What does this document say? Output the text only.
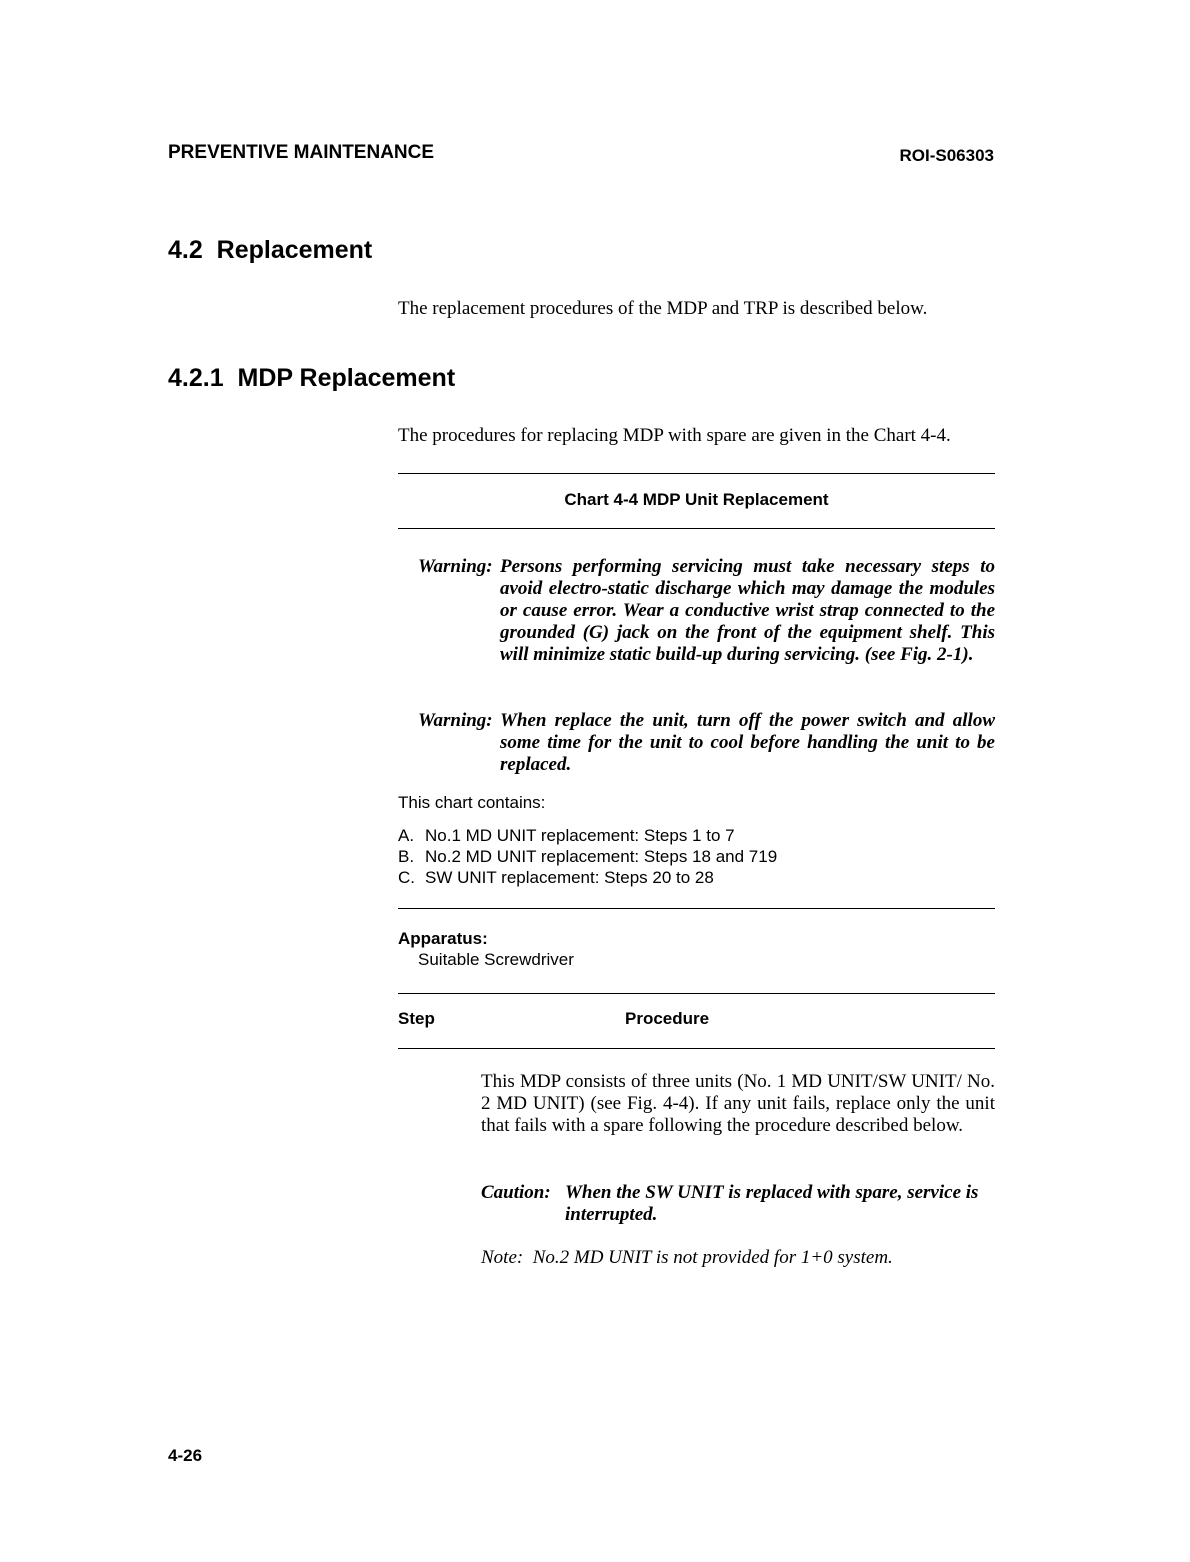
PREVENTIVE MAINTENANCE	ROI-S06303
4.2  Replacement
The replacement procedures of the MDP and TRP is described below.
4.2.1  MDP Replacement
The procedures for replacing MDP with spare are given in the Chart 4-4.
Chart 4-4 MDP Unit Replacement
Warning: Persons performing servicing must take necessary steps to avoid electro-static discharge which may damage the modules or cause error. Wear a conductive wrist strap connected to the grounded (G) jack on the front of the equipment shelf. This will minimize static build-up during servicing. (see Fig. 2-1).
Warning: When replace the unit, turn off the power switch and allow some time for the unit to cool before handling the unit to be replaced.
This chart contains:
A. No.1 MD UNIT replacement: Steps 1 to 7
B. No.2 MD UNIT replacement: Steps 18 and 719
C. SW UNIT replacement: Steps 20 to 28
Apparatus:
Suitable Screwdriver
Step	Procedure
This MDP consists of three units (No. 1 MD UNIT/SW UNIT/ No. 2 MD UNIT) (see Fig. 4-4). If any unit fails, replace only the unit that fails with a spare following the procedure described below.
Caution: When the SW UNIT is replaced with spare, service is interrupted.
Note:  No.2 MD UNIT is not provided for 1+0 system.
4-26
